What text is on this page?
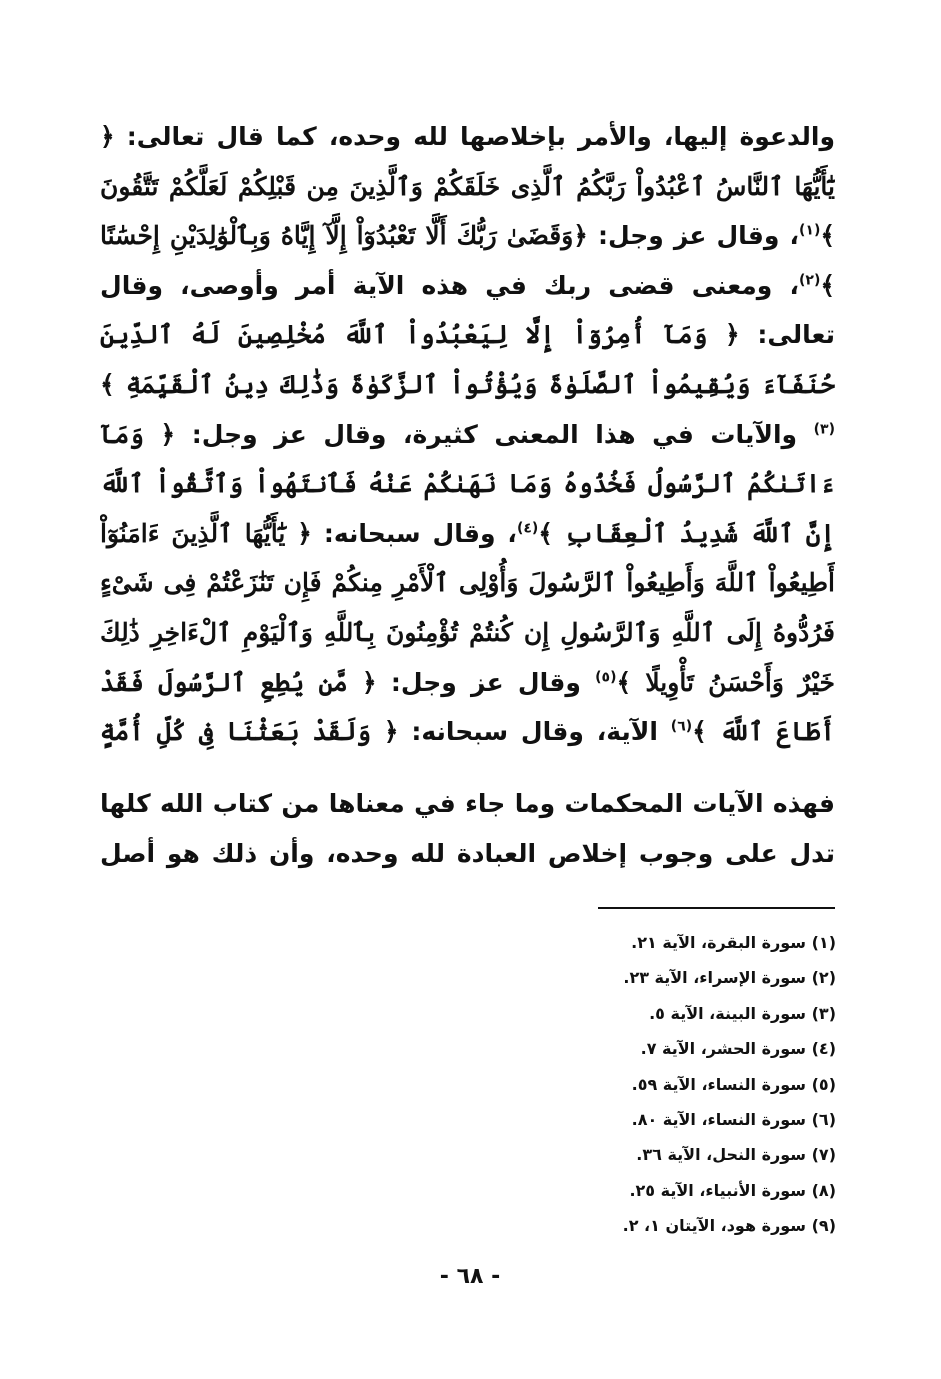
والدعوة إليها، والأمر بإخلاصها لله وحده، كما قال تعالى: ﴿ يَٰٓأَيُّهَا ٱلنَّاسُ ٱعْبُدُواْ رَبَّكُمُ ٱلَّذِى خَلَقَكُمْ وَٱلَّذِينَ مِن قَبْلِكُمْ لَعَلَّكُمْ تَتَّقُونَ ﴾$^{(١)}$، وقال عز وجل: ﴿وَقَضَىٰ رَبُّكَ أَلَّا تَعْبُدُوٓاْ إِلَّآ إِيَّاهُ وَبِٱلْوَٰلِدَيْنِ إِحْسَٰنًا ﴾$^{(٢)}$، ومعنى قضى ربك في هذه الآية أمر وأوصى، وقال تعالى: ﴿ وَمَآ أُمِرُوٓاْ إِلَّا لِيَعْبُدُواْ ٱللَّهَ مُخْلِصِينَ لَهُ ٱلدِّينَ حُنَفَآءَ وَيُقِيمُواْ ٱلصَّلَوٰةَ وَيُؤْتُواْ ٱلزَّكَوٰةَ وَذَٰلِكَ دِينُ ٱلْقَيِّمَةِ ﴾$^{(٣)}$ والآيات في هذا المعنى كثيرة، وقال عز وجل: ﴿ وَمَآ ءَاتَىٰكُمُ ٱلرَّسُولُ فَخُذُوهُ وَمَا نَهَىٰكُمْ عَنْهُ فَٱنتَهُواْ وَٱتَّقُواْ ٱللَّهَ إِنَّ ٱللَّهَ شَدِيدُ ٱلْعِقَابِ ﴾$^{(٤)}$، وقال سبحانه: ﴿ يَٰٓأَيُّهَا ٱلَّذِينَ ءَامَنُوٓاْ أَطِيعُواْ ٱللَّهَ وَأَطِيعُواْ ٱلرَّسُولَ وَأُوْلِى ٱلْأَمْرِ مِنكُمْ فَإِن تَنَٰزَعْتُمْ فِى شَىْءٍ فَرُدُّوهُ إِلَى ٱللَّهِ وَٱلرَّسُولِ إِن كُنتُمْ تُؤْمِنُونَ بِٱللَّهِ وَٱلْيَوْمِ ٱلْءَاخِرِ ذَٰلِكَ خَيْرٌ وَأَحْسَنُ تَأْوِيلًا ﴾$^{(٥)}$ وقال عز وجل: ﴿ مَّن يُطِعِ ٱلرَّسُولَ فَقَدْ أَطَاعَ ٱللَّهَ ﴾$^{(٦)}$ الآية، وقال سبحانه: ﴿ وَلَقَدْ بَعَثْنَا فِى كُلِّ أُمَّةٍ

فهذه الآيات المحكمات وما جاء في معناها من كتاب الله كلها تدل على وجوب إخلاص العبادة لله وحده، وأن ذلك هو أصل

(١) سورة البقرة، الآية ٢١.
(٢) سورة الإسراء، الآية ٢٣.
(٣) سورة البينة، الآية ٥.
(٤) سورة الحشر، الآية ٧.
(٥) سورة النساء، الآية ٥٩.
(٦) سورة النساء، الآية ٨٠.
(٧) سورة النحل، الآية ٣٦.
(٨) سورة الأنبياء، الآية ٢٥.
(٩) سورة هود، الآيتان ١، ٢.
- ٦٨ -
